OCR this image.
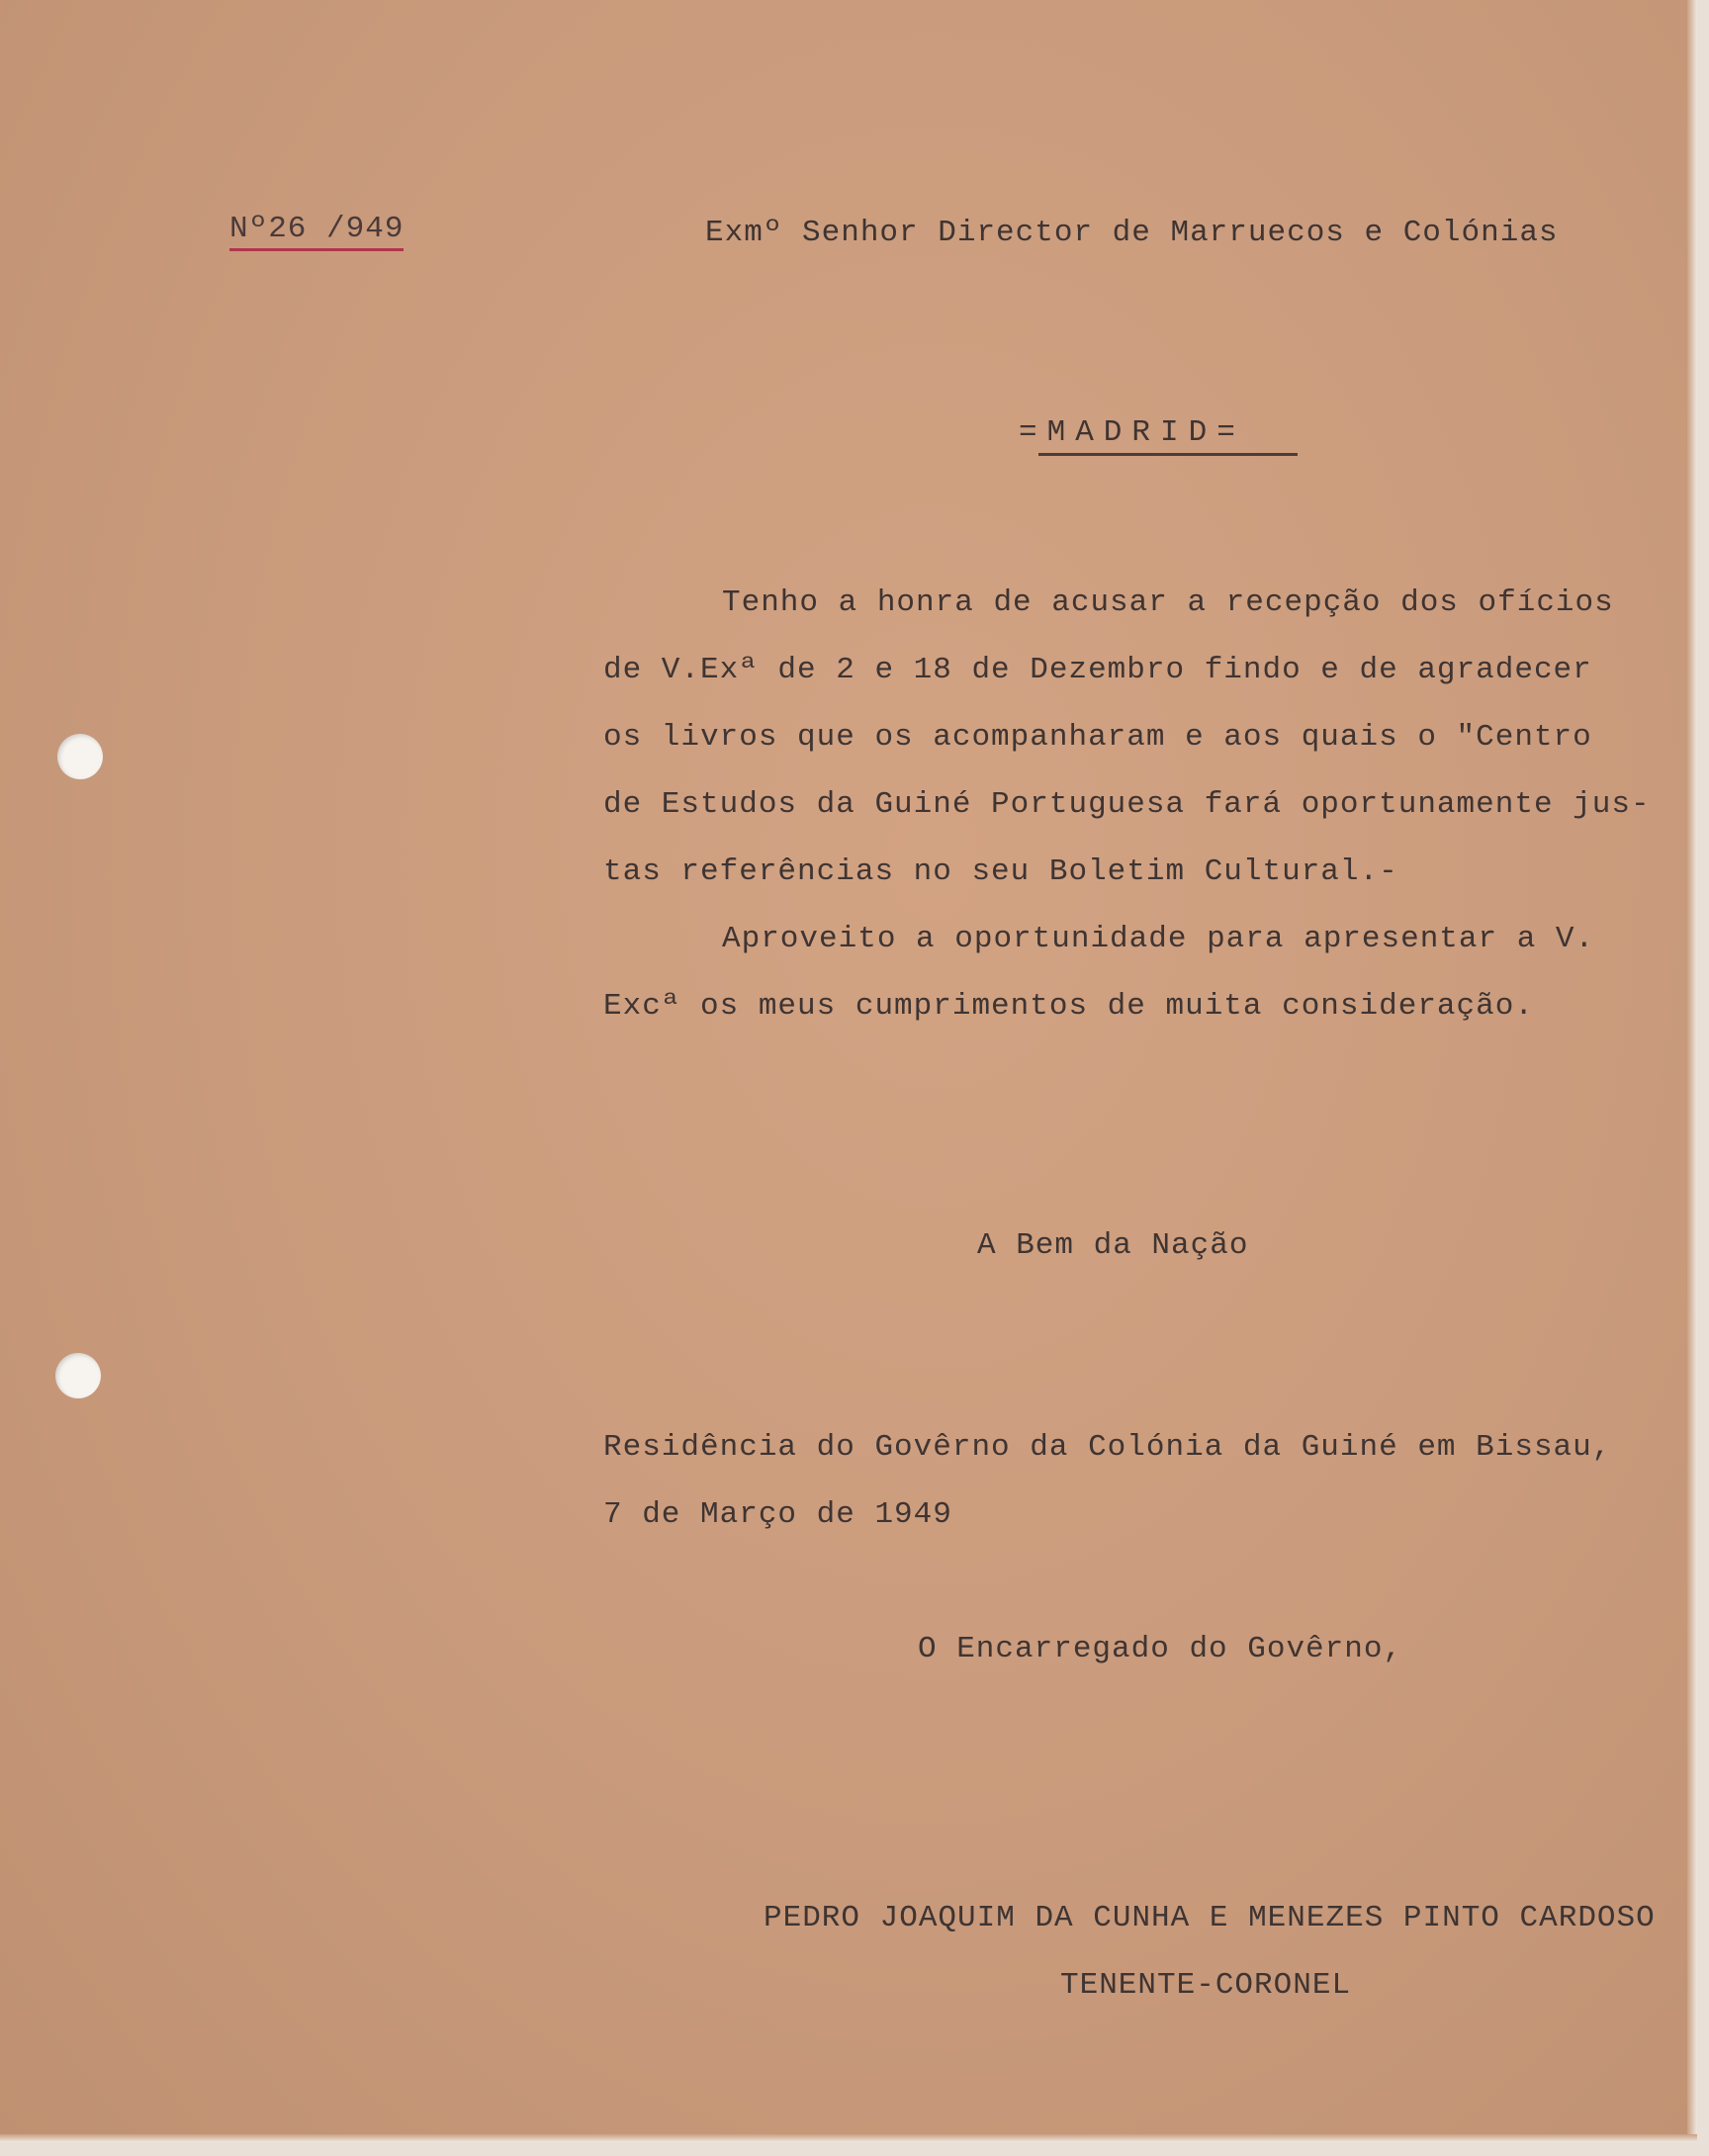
Nº26 /949	Exmº Senhor Director de Marruecos e Colónias
=MADRID=
Tenho a honra de acusar a recepção dos ofícios
de V.Exª de 2 e 18 de Dezembro findo e de agradecer
os livros que os acompanharam e aos quais o "Centro
de Estudos da Guiné Portuguesa fará oportunamente jus-
tas referências no seu Boletim Cultural.-
Aproveito a oportunidade para apresentar a V.
Excª os meus cumprimentos de muita consideração.
A Bem da Nação
Residência do Govêrno da Colónia da Guiné em Bissau,
7 de Março de 1949
O Encarregado do Govêrno,
PEDRO JOAQUIM DA CUNHA E MENEZES PINTO CARDOSO
TENENTE-CORONEL
